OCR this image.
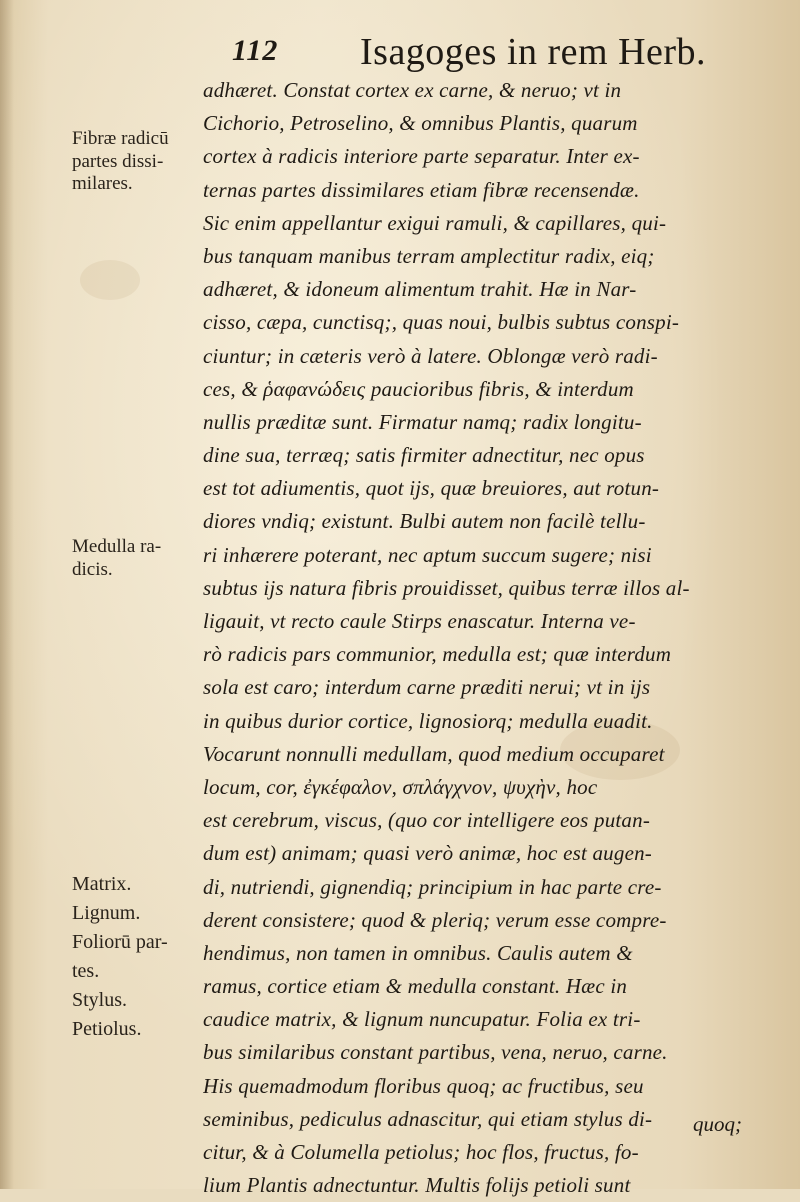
112 Isagoges in rem Herb.
Fibræ radicū
partes dissi-
milares.
Medulla ra-
dicis.
Matrix.
Lignum.
Foliorū par-
tes.
Stylus.
Petiolus.
adhæret. Constat cortex ex carne, & neruo; vt in
Cichorio, Petroselino, & omnibus Plantis, quarum
cortex à radicis interiore parte separatur. Inter ex-
ternas partes dissimilares etiam fibræ recensendæ.
Sic enim appellantur exigui ramuli, & capillares, qui-
bus tanquam manibus terram amplectitur radix, eiq;
adhæret, & idoneum alimentum trahit. Hæ in Nar-
cisso, cæpa, cunctisq;, quas noui, bulbis subtus conspi-
ciuntur; in cæteris verò à latere. Oblongæ verò radi-
ces, & ῥαφανώδεις paucioribus fibris, & interdum
nullis præditæ sunt. Firmatur namq; radix longitu-
dine sua, terræq; satis firmiter adnectitur, nec opus
est tot adiumentis, quot ijs, quæ breuiores, aut rotun-
diores vndiq; existunt. Bulbi autem non facilè tellu-
ri inhærere poterant, nec aptum succum sugere; nisi
subtus ijs natura fibris prouidisset, quibus terræ illos al-
ligauit, vt recto caule Stirps enascatur. Interna ve-
rò radicis pars communior, medulla est; quæ interdum
sola est caro; interdum carne præditi nerui; vt in ijs
in quibus durior cortice, lignosiorq; medulla euadit.
Vocarunt nonnulli medullam, quod medium occuparet
locum, cor, ἐγκέφαλον, σπλάγχνον, ψυχὴν, hoc
est cerebrum, viscus, (quo cor intelligere eos putan-
dum est) animam; quasi verò animæ, hoc est augen-
di, nutriendi, gignendiq; principium in hac parte cre-
derent consistere; quod & pleriq; verum esse compre-
hendimus, non tamen in omnibus. Caulis autem &
ramus, cortice etiam & medulla constant. Hæc in
caudice matrix, & lignum nuncupatur. Folia ex tri-
bus similaribus constant partibus, vena, neruo, carne.
His quemadmodum floribus quoq; ac fructibus, seu
seminibus, pediculus adnascitur, qui etiam stylus di-
citur, & à Columella petiolus; hoc flos, fructus, fo-
lium Plantis adnectuntur. Multis folijs petioli sunt
quoq;
